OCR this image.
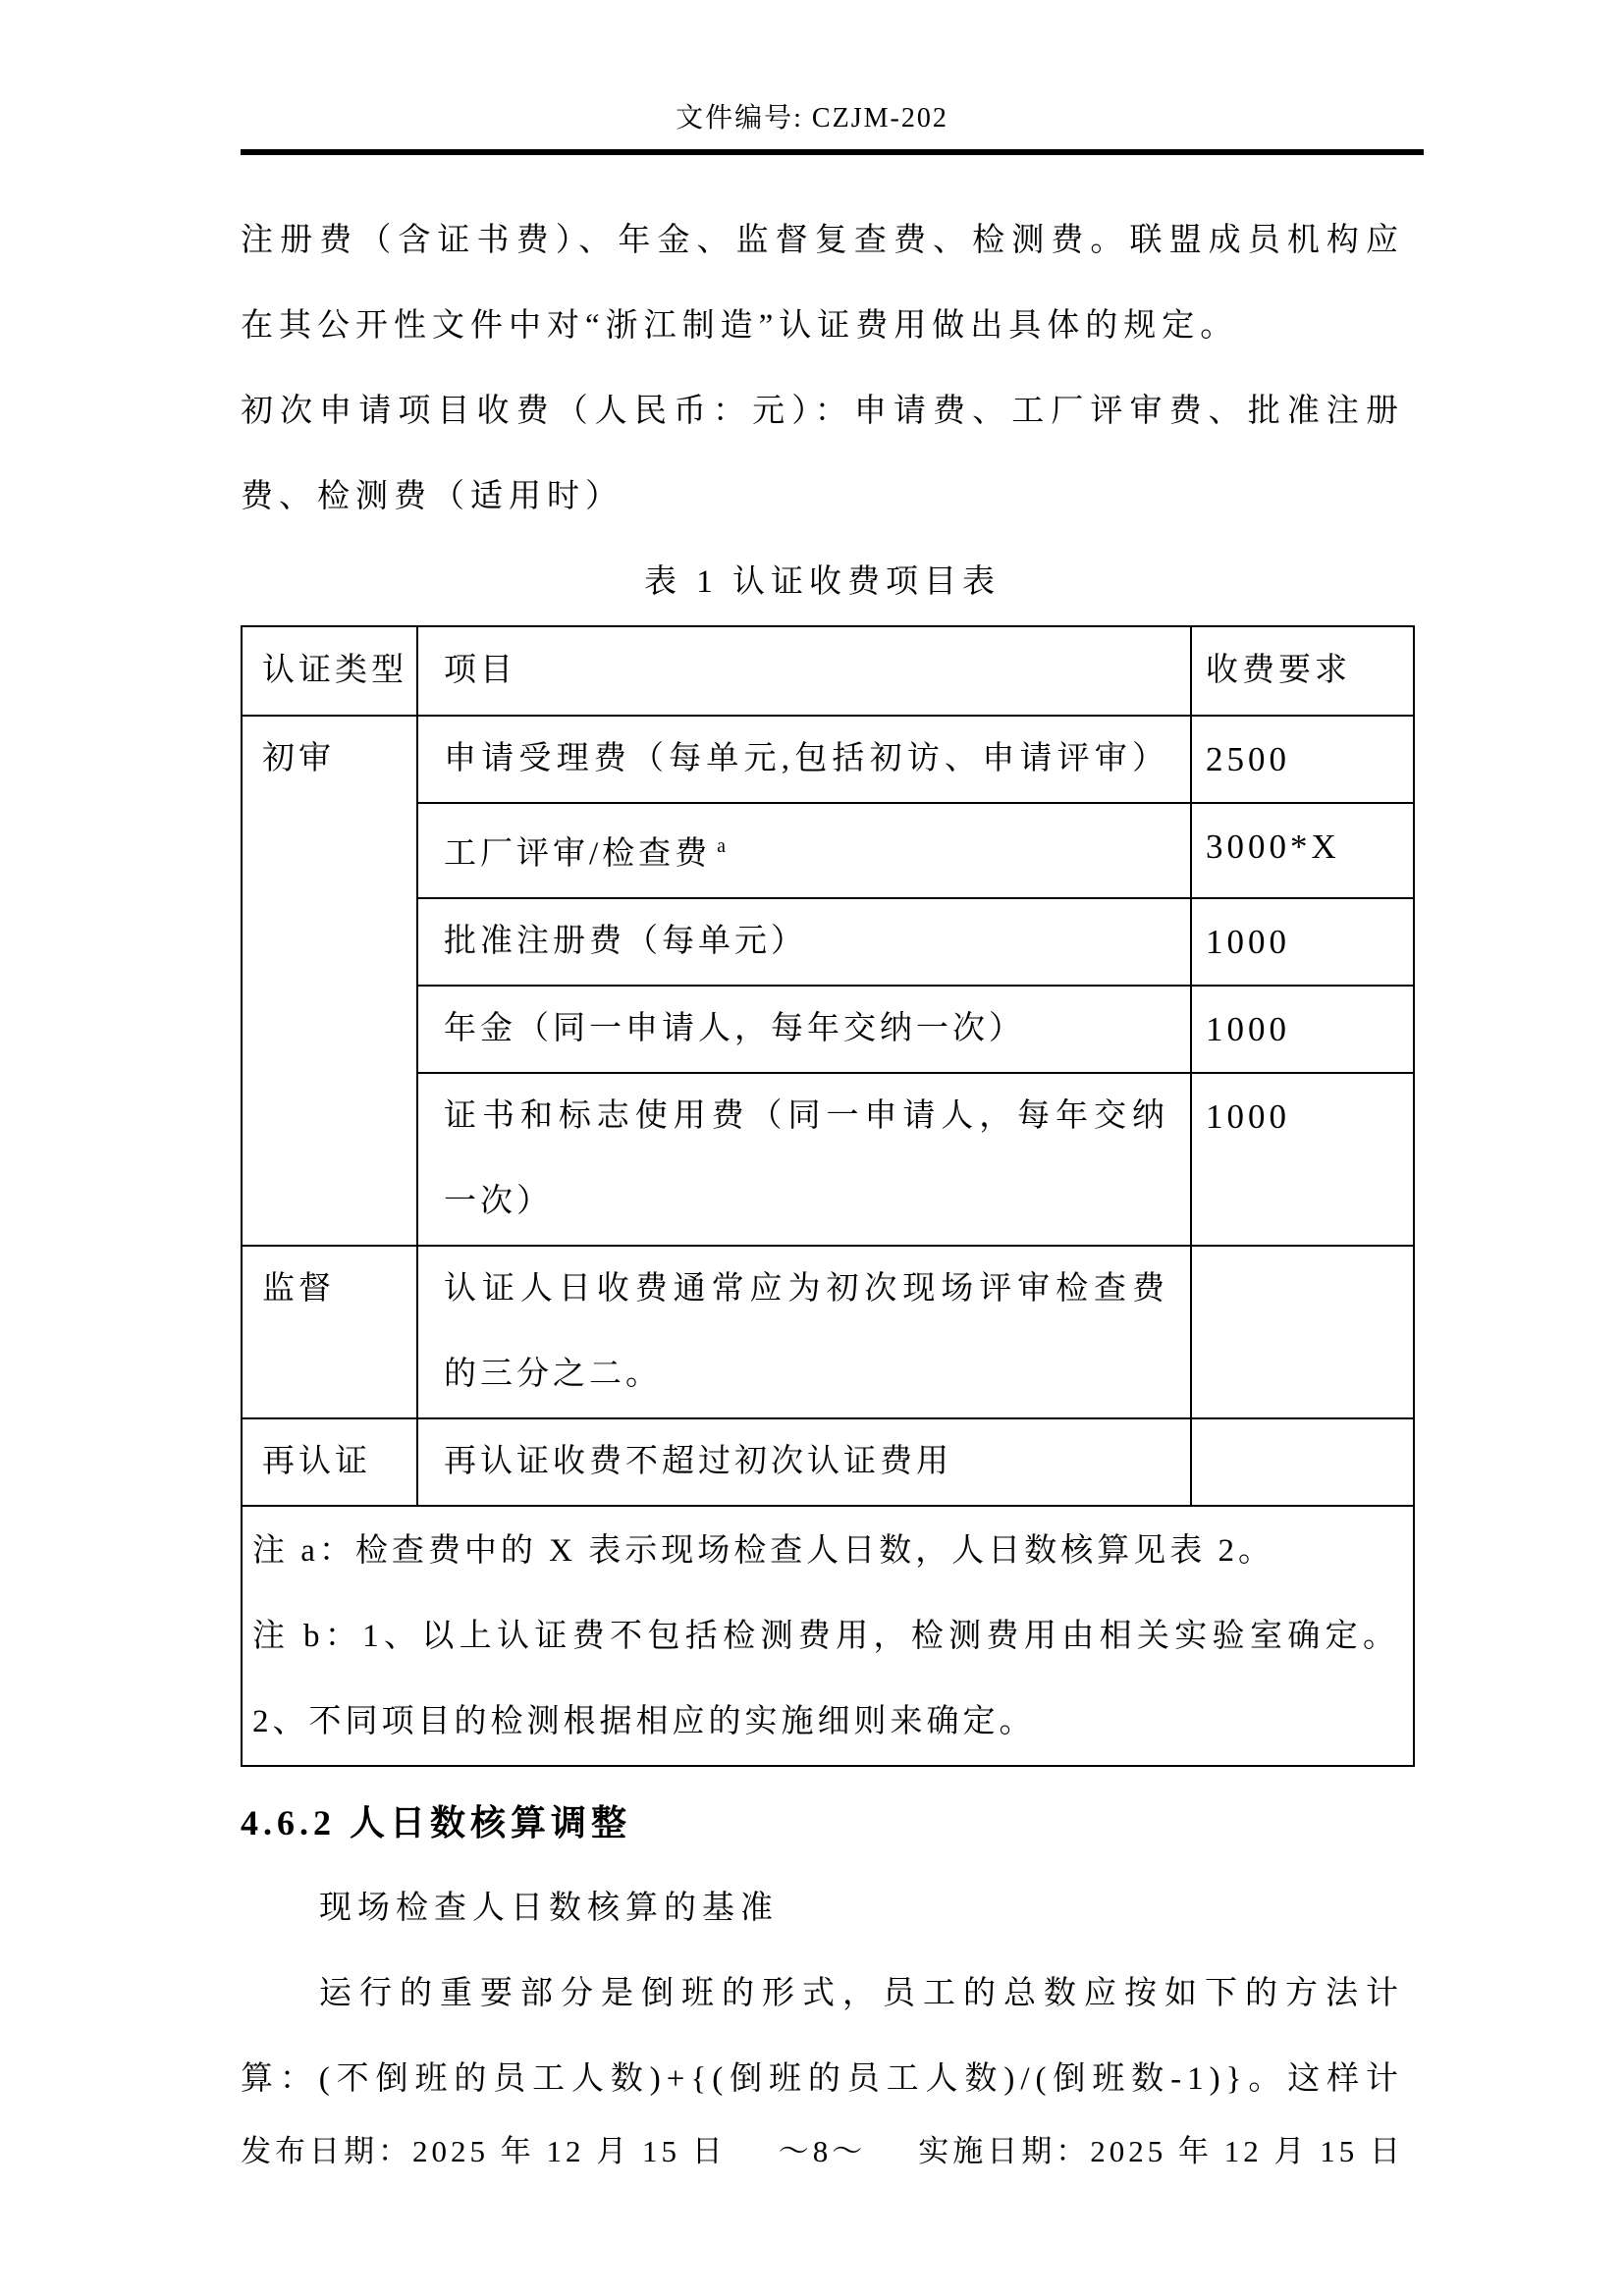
文件编号: CZJM-202
注册费（含证书费）、年金、监督复查费、检测费。联盟成员机构应
在其公开性文件中对“浙江制造”认证费用做出具体的规定。
初次申请项目收费（人民币：元）：申请费、工厂评审费、批准注册
费、检测费（适用时）
表 1 认证收费项目表
认证类型	项目	收费要求

初审	申请受理费（每单元,包括初访、申请评审）	2500

	工厂评审/检查费 $^a$	3000*X

	批准注册费（每单元）	1000

	年金（同一申请人，每年交纳一次）	1000

	证书和标志使用费（同一申请人，每年交纳
一次）	1000

监督	认证人日收费通常应为初次现场评审检查费
的三分之二。	

再认证	再认证收费不超过初次认证费用	

注 a：检查费中的 X 表示现场检查人日数，人日数核算见表 2。
注 b：1、以上认证费不包括检测费用，检测费用由相关实验室确定。
2、不同项目的检测根据相应的实施细则来确定。		
4.6.2 人日数核算调整
现场检查人日数核算的基准
运行的重要部分是倒班的形式，员工的总数应按如下的方法计
算：(不倒班的员工人数)+{(倒班的员工人数)/(倒班数-1)}。这样计
发布日期：2025 年 12 月 15 日 ～8～ 实施日期：2025 年 12 月 15 日
